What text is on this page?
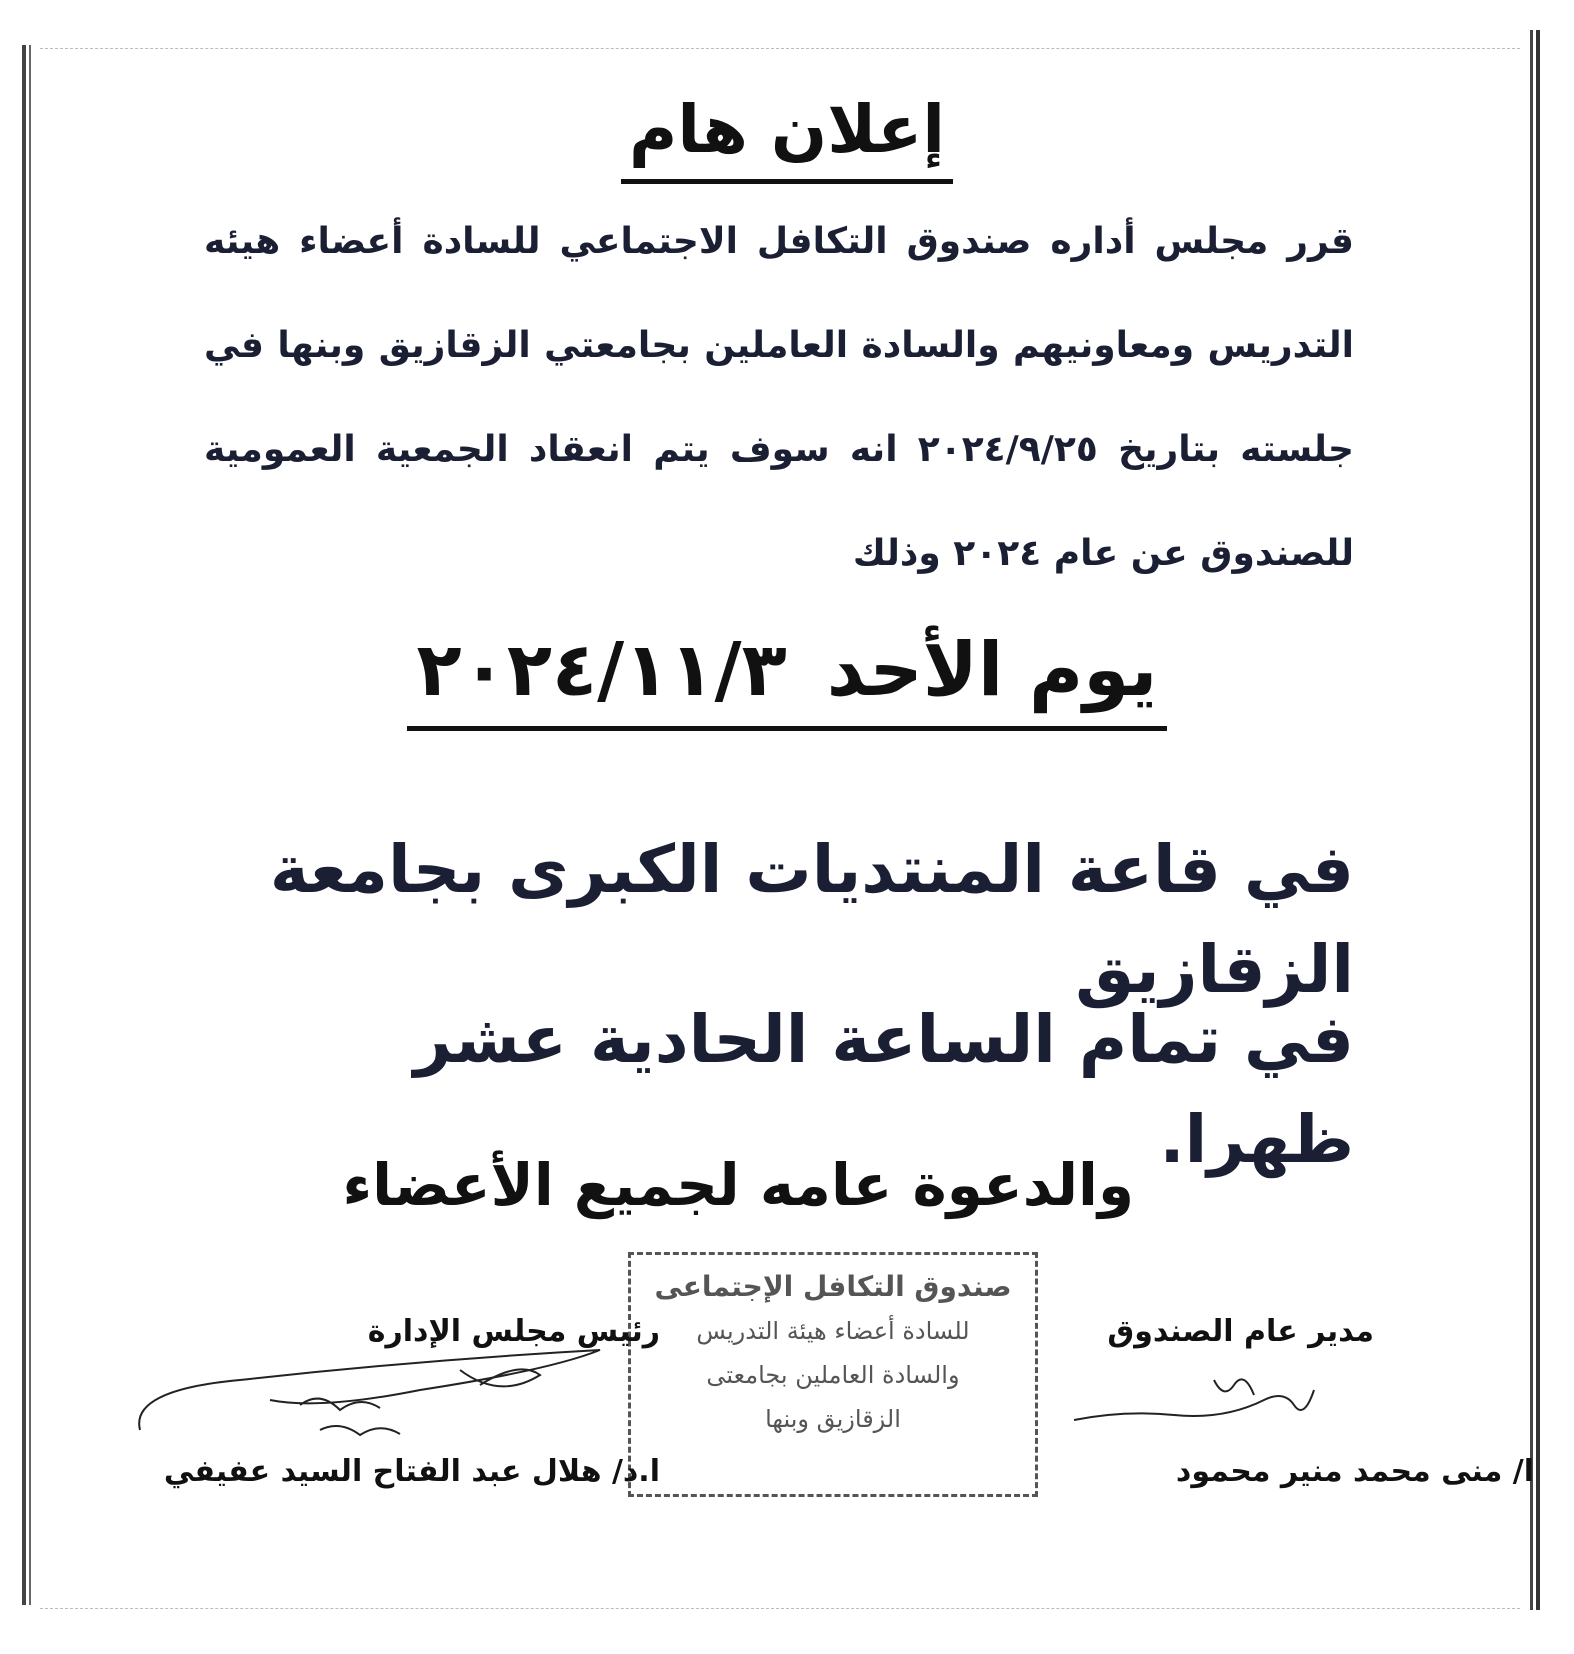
إعلان هام

قرر مجلس أداره صندوق التكافل الاجتماعي للسادة أعضاء هيئه التدريس ومعاونيهم والسادة العاملين بجامعتي الزقازيق وبنها في جلسته بتاريخ ٢٠٢٤/٩/٢٥ انه سوف يتم انعقاد الجمعية العمومية للصندوق عن عام ٢٠٢٤ وذلك

يوم الأحد٢٠٢٤/١١/٣

في قاعة المنتديات الكبرى بجامعة الزقازيق

في تمام الساعة الحادية عشر ظهرا.

والدعوة عامه لجميع الأعضاء

صندوق التكافل الإجتماعى
للسادة أعضاء هيئة التدريس
والسادة العاملين بجامعتى
الزقازيق وبنها

مدير عام الصندوق

ا/ منى محمد منير محمود

رئيس مجلس الإدارة

ا.د/ هلال عبد الفتاح السيد عفيفي
